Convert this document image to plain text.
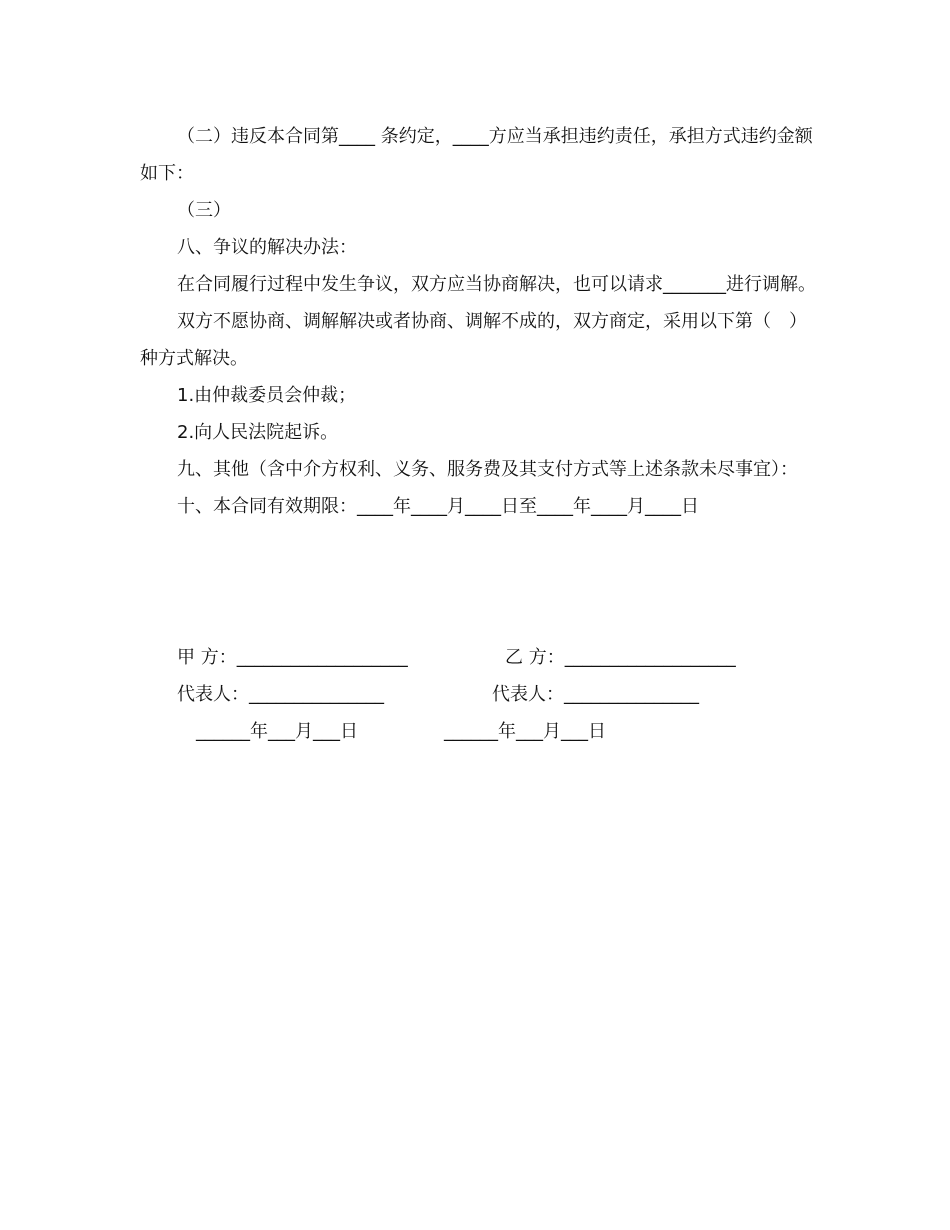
（二）违反本合同第____ 条约定，____方应当承担违约责任，承担方式违约金额如下：

（三）

八、争议的解决办法：

在合同履行过程中发生争议，双方应当协商解决，也可以请求_______进行调解。

双方不愿协商、调解解决或者协商、调解不成的，双方商定，采用以下第（　）种方式解决。

1.由仲裁委员会仲裁；

2.向人民法院起诉。

九、其他（含中介方权利、义务、服务费及其支付方式等上述条款未尽事宜）：

十、本合同有效期限：____年____月____日至____年____月____日

甲 方：___________________	乙 方：___________________
代表人：_______________	代表人：_______________
______年___月___日	______年___月___日
